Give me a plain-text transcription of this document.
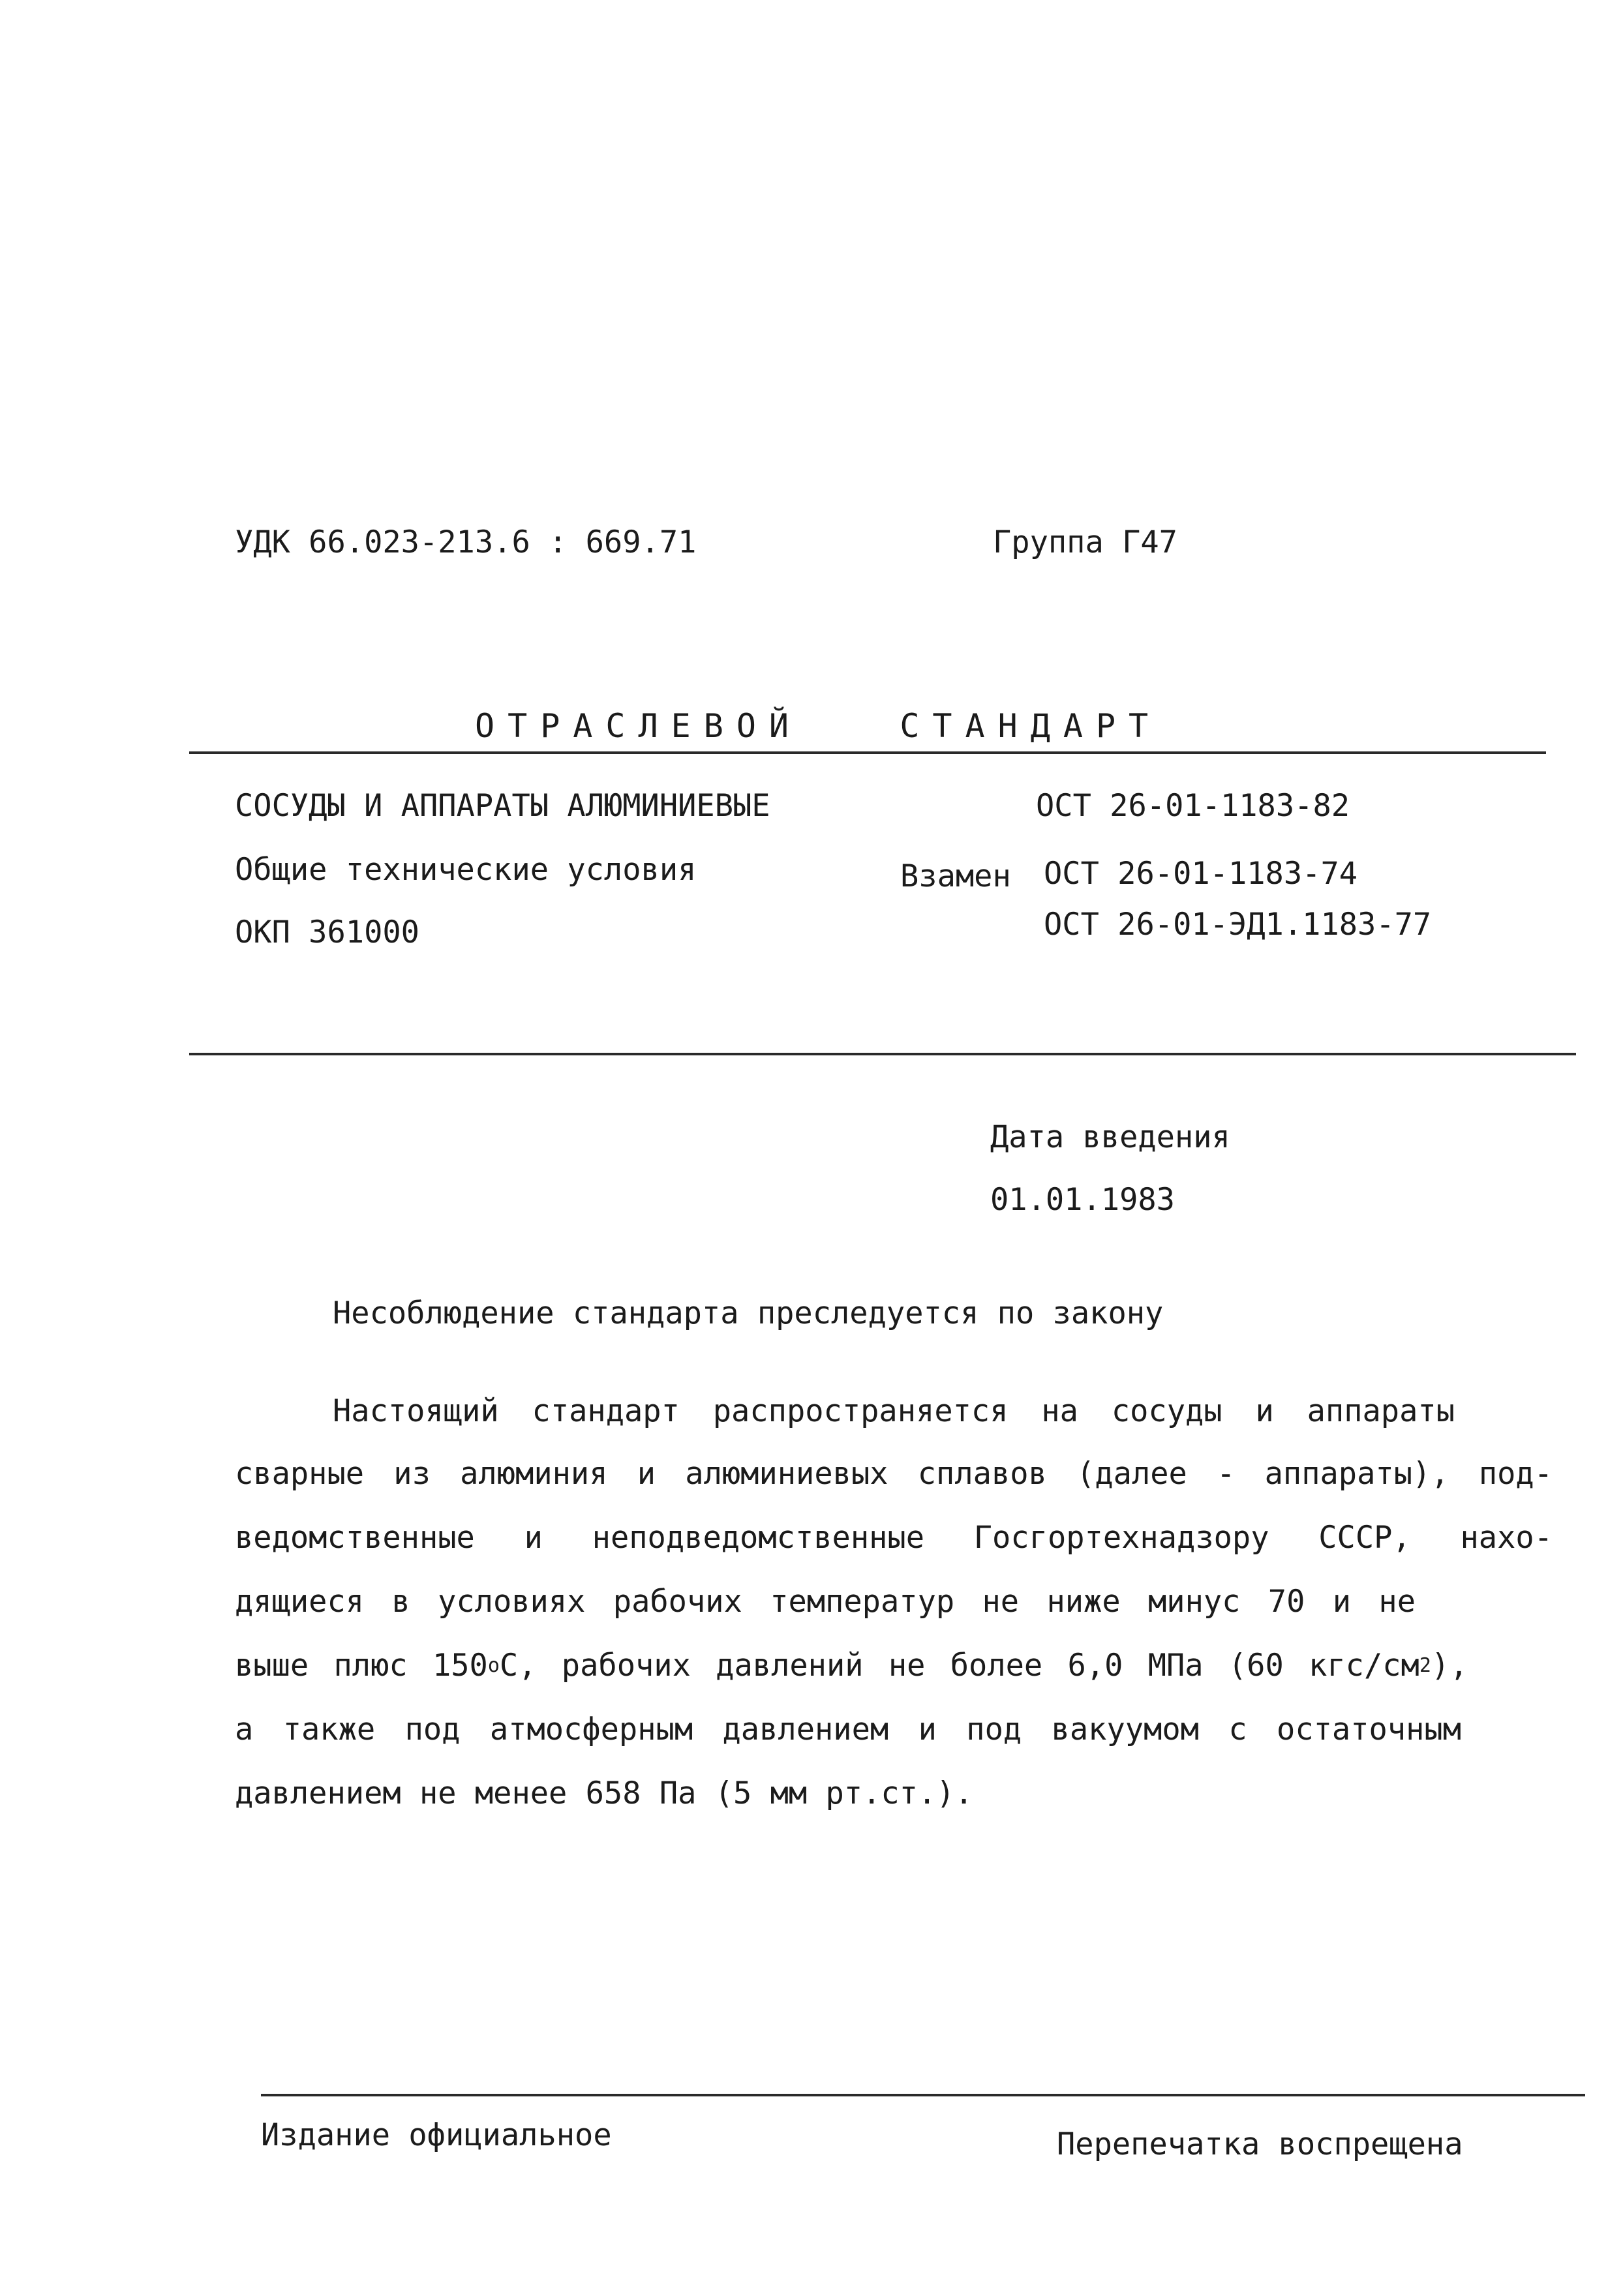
УДК 66.023-213.6 : 669.71	Группа Г47
ОТРАСЛЕВОЙ   СТАНДАРТ
СОСУДЫ И АППАРАТЫ АЛЮМИНИЕВЫЕ	ОСТ 26-01-1183-82
Общие технические условия	Взамен ОСТ 26-01-1183-74
ОКП 361000	ОСТ 26-01-ЭД1.1183-77
Дата введения
01.01.1983
Несоблюдение стандарта преследуется по закону
Настоящий стандарт распространяется на сосуды и аппараты
сварные из алюминия и алюминиевых сплавов (далее - аппараты), под-
ведомственные и неподведомственные Госгортехнадзору СССР, нахо-
дящиеся в условиях рабочих температур не ниже минус 70 и не
выше плюс $150^оС$, рабочих давлений не более 6,0 МПа (60 кгс/$см^2$),
а также под атмосферным давлением и под вакуумом с остаточным
давлением не менее 658 Па (5 мм рт.ст.).
Издание официальное	Перепечатка воспрещена
